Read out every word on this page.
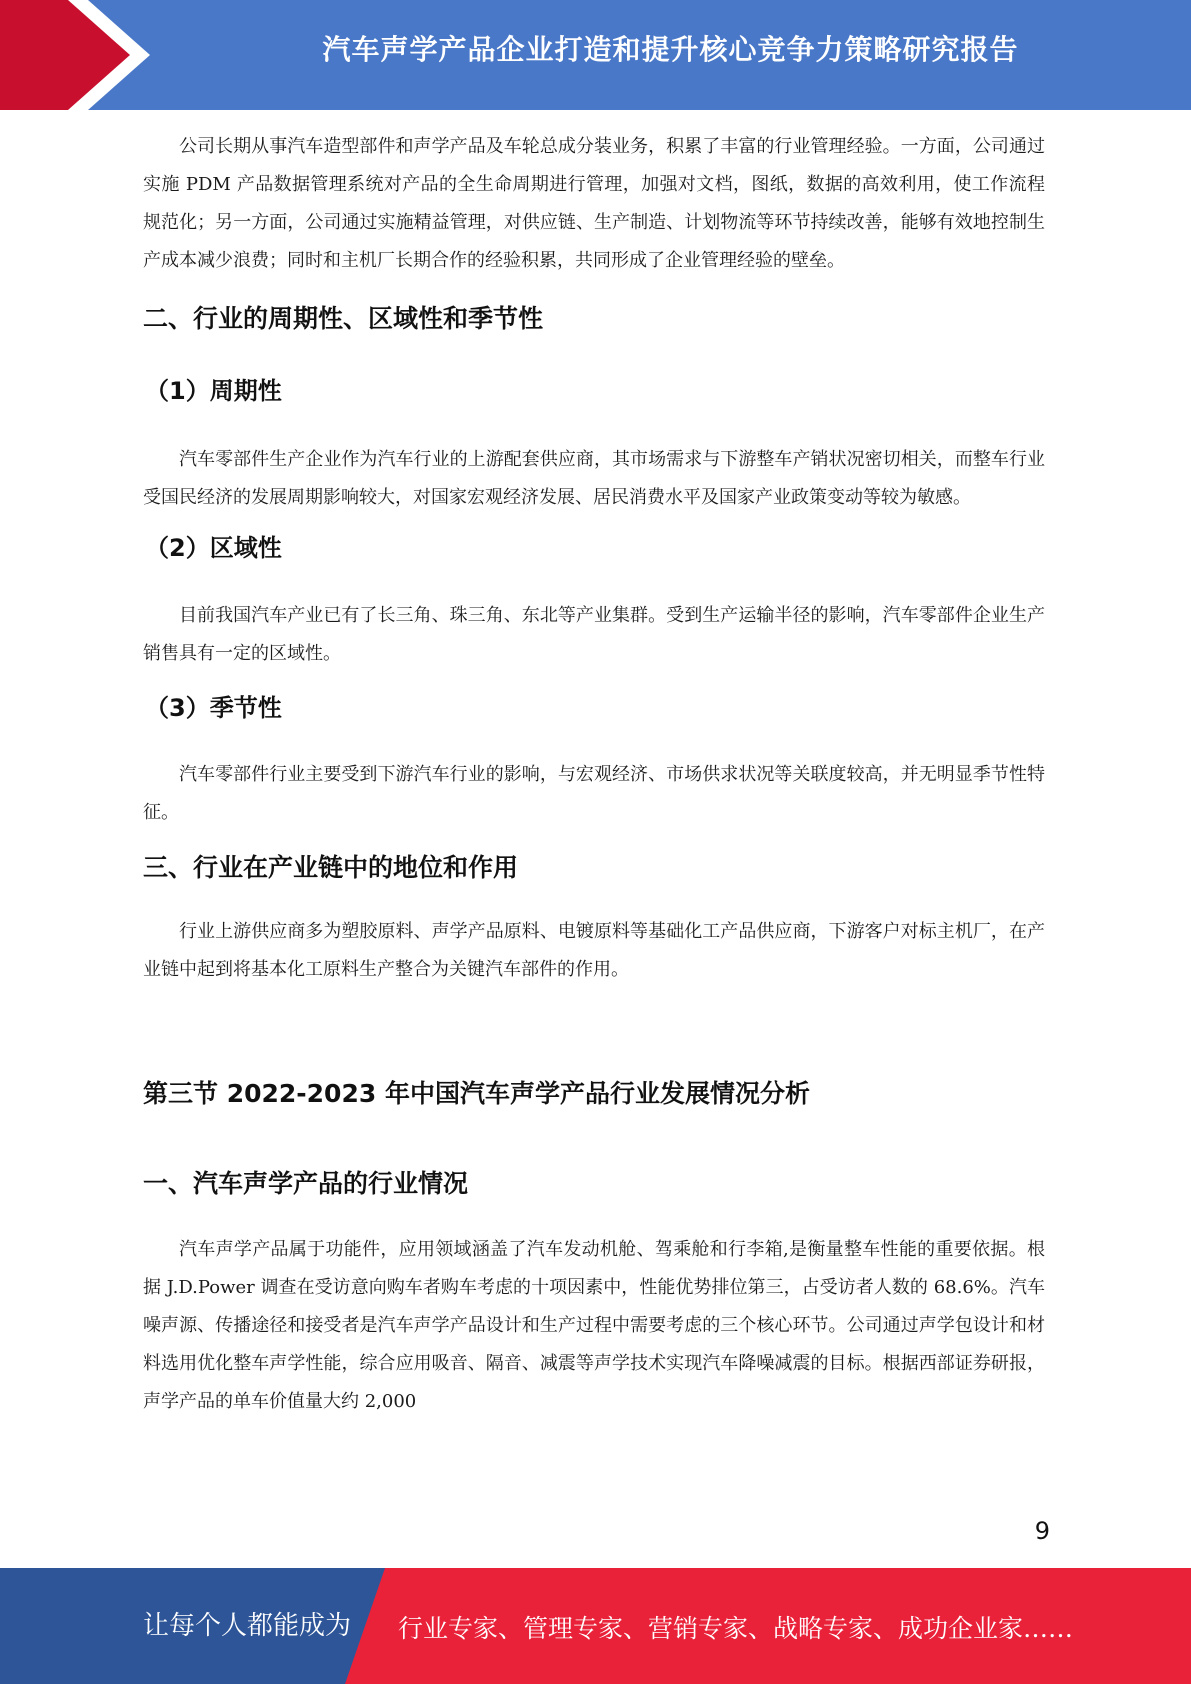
汽车声学产品企业打造和提升核心竞争力策略研究报告

公司长期从事汽车造型部件和声学产品及车轮总成分装业务，积累了丰富的行业管理经验。一方面，公司通过实施 PDM 产品数据管理系统对产品的全生命周期进行管理，加强对文档，图纸，数据的高效利用，使工作流程规范化；另一方面，公司通过实施精益管理，对供应链、生产制造、计划物流等环节持续改善，能够有效地控制生产成本减少浪费；同时和主机厂长期合作的经验积累，共同形成了企业管理经验的壁垒。

二、行业的周期性、区域性和季节性
（1）周期性

汽车零部件生产企业作为汽车行业的上游配套供应商，其市场需求与下游整车产销状况密切相关，而整车行业受国民经济的发展周期影响较大，对国家宏观经济发展、居民消费水平及国家产业政策变动等较为敏感。

（2）区域性

目前我国汽车产业已有了长三角、珠三角、东北等产业集群。受到生产运输半径的影响，汽车零部件企业生产销售具有一定的区域性。

（3）季节性

汽车零部件行业主要受到下游汽车行业的影响，与宏观经济、市场供求状况等关联度较高，并无明显季节性特征。

三、行业在产业链中的地位和作用

行业上游供应商多为塑胶原料、声学产品原料、电镀原料等基础化工产品供应商，下游客户对标主机厂，在产业链中起到将基本化工原料生产整合为关键汽车部件的作用。

第三节 2022-2023 年中国汽车声学产品行业发展情况分析
一、汽车声学产品的行业情况

汽车声学产品属于功能件，应用领域涵盖了汽车发动机舱、驾乘舱和行李箱,是衡量整车性能的重要依据。根据 J.D.Power 调查在受访意向购车者购车考虑的十项因素中，性能优势排位第三，占受访者人数的 68.6%。汽车噪声源、传播途径和接受者是汽车声学产品设计和生产过程中需要考虑的三个核心环节。公司通过声学包设计和材料选用优化整车声学性能，综合应用吸音、隔音、减震等声学技术实现汽车降噪减震的目标。根据西部证券研报，声学产品的单车价值量大约 2,000

9
让每个人都能成为 行业专家、管理专家、营销专家、战略专家、成功企业家……
